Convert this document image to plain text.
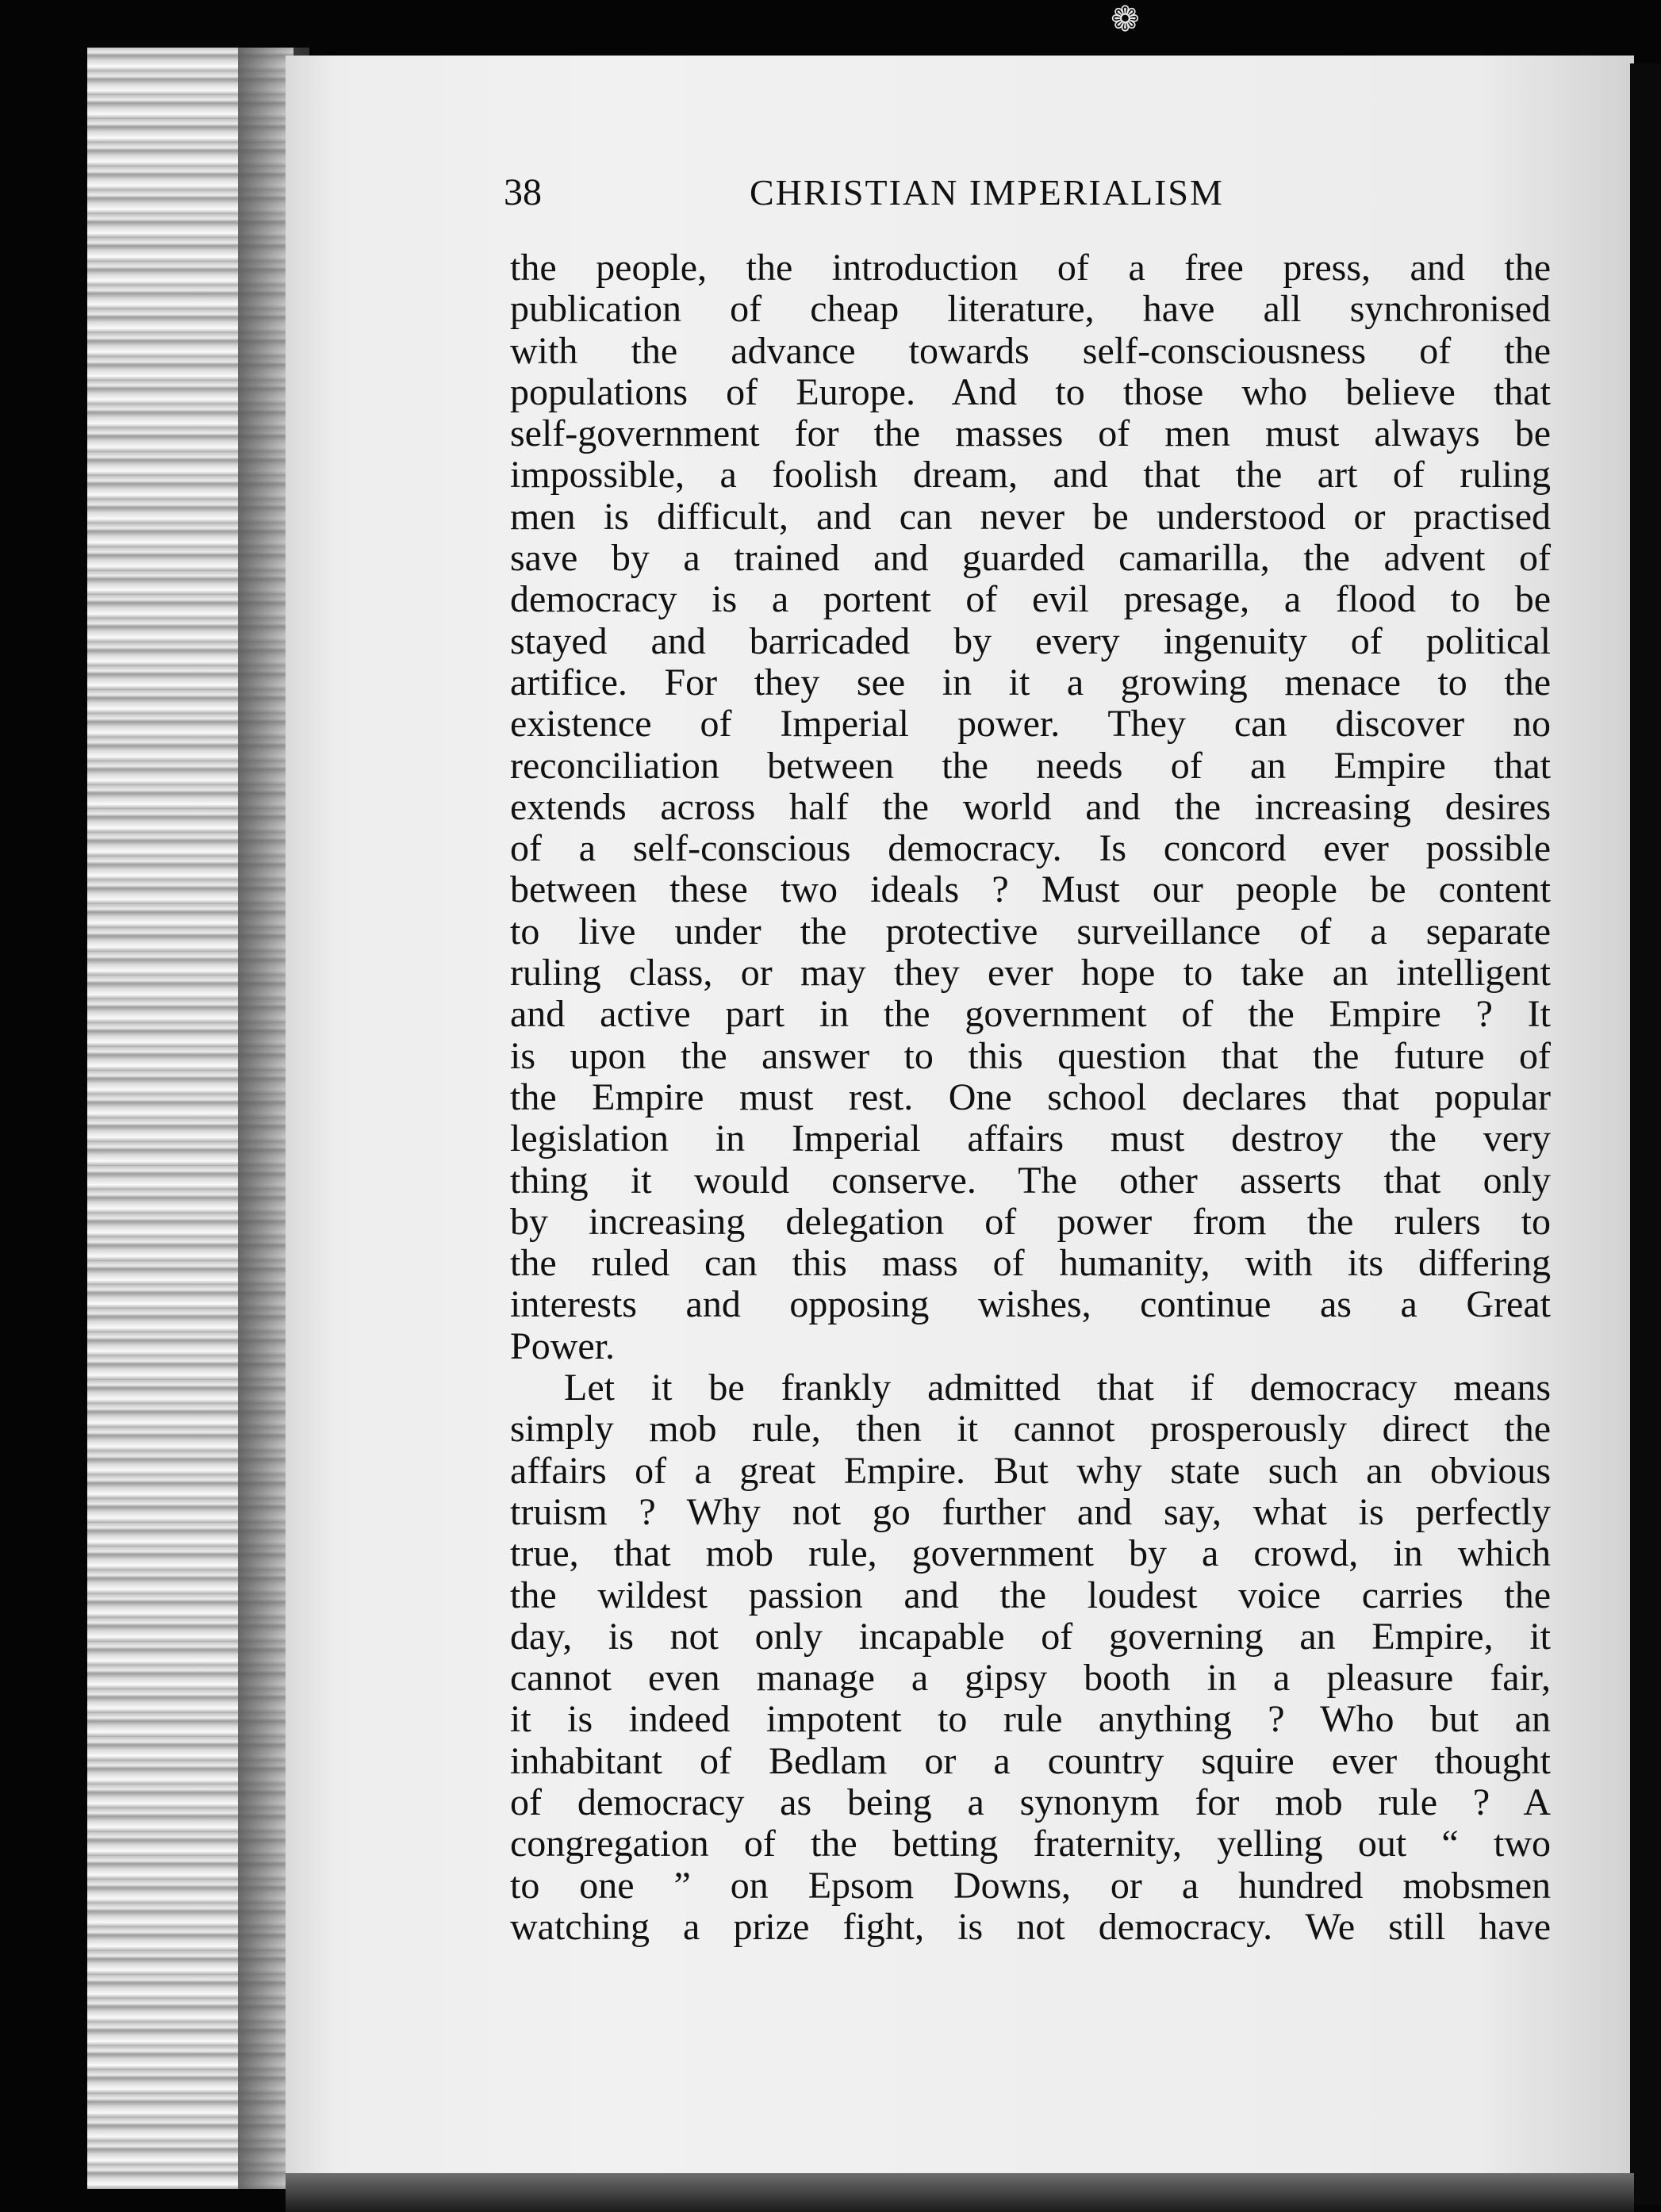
❁
38	CHRISTIAN IMPERIALISM
the people, the introduction of a free press, and the
publication of cheap literature, have all synchronised
with the advance towards self-consciousness of the
populations of Europe. And to those who believe that
self-government for the masses of men must always be
impossible, a foolish dream, and that the art of ruling
men is difficult, and can never be understood or practised
save by a trained and guarded camarilla, the advent of
democracy is a portent of evil presage, a flood to be
stayed and barricaded by every ingenuity of political
artifice. For they see in it a growing menace to the
existence of Imperial power. They can discover no
reconciliation between the needs of an Empire that
extends across half the world and the increasing desires
of a self-conscious democracy. Is concord ever possible
between these two ideals ? Must our people be content
to live under the protective surveillance of a separate
ruling class, or may they ever hope to take an intelligent
and active part in the government of the Empire ? It
is upon the answer to this question that the future of
the Empire must rest. One school declares that popular
legislation in Imperial affairs must destroy the very
thing it would conserve. The other asserts that only
by increasing delegation of power from the rulers to
the ruled can this mass of humanity, with its differing
interests and opposing wishes, continue as a Great
Power.
Let it be frankly admitted that if democracy means
simply mob rule, then it cannot prosperously direct the
affairs of a great Empire. But why state such an obvious
truism ? Why not go further and say, what is perfectly
true, that mob rule, government by a crowd, in which
the wildest passion and the loudest voice carries the
day, is not only incapable of governing an Empire, it
cannot even manage a gipsy booth in a pleasure fair,
it is indeed impotent to rule anything ? Who but an
inhabitant of Bedlam or a country squire ever thought
of democracy as being a synonym for mob rule ? A
congregation of the betting fraternity, yelling out “ two
to one ” on Epsom Downs, or a hundred mobsmen
watching a prize fight, is not democracy. We still have
